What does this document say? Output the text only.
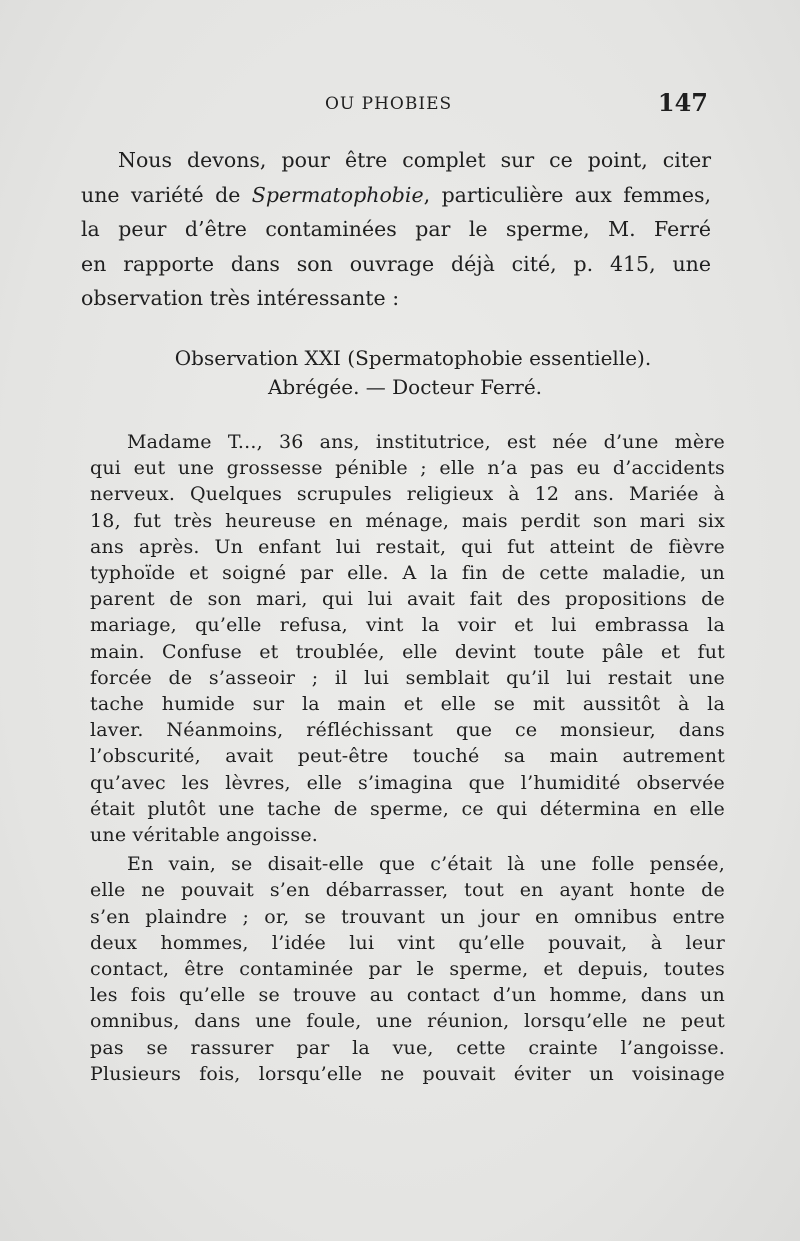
OU PHOBIES	147
Nous devons, pour être complet sur ce point, citer
une variété de Spermatophobie, particulière aux femmes,
la peur d’être contaminées par le sperme, M. Ferré
en rapporte dans son ouvrage déjà cité, p. 415, une
observation très intéressante :
Observation XXI (Spermatophobie essentielle).
Abrégée. — Docteur Ferré.
Madame T..., 36 ans, institutrice, est née d’une mère
qui eut une grossesse pénible ; elle n’a pas eu d’accidents
nerveux. Quelques scrupules religieux à 12 ans. Mariée à
18, fut très heureuse en ménage, mais perdit son mari six
ans après. Un enfant lui restait, qui fut atteint de fièvre
typhoïde et soigné par elle. A la fin de cette maladie, un
parent de son mari, qui lui avait fait des propositions de
mariage, qu’elle refusa, vint la voir et lui embrassa la
main. Confuse et troublée, elle devint toute pâle et fut
forcée de s’asseoir ; il lui semblait qu’il lui restait une
tache humide sur la main et elle se mit aussitôt à la
laver. Néanmoins, réfléchissant que ce monsieur, dans
l’obscurité, avait peut-être touché sa main autrement
qu’avec les lèvres, elle s’imagina que l’humidité observée
était plutôt une tache de sperme, ce qui détermina en elle
une véritable angoisse.
En vain, se disait-elle que c’était là une folle pensée,
elle ne pouvait s’en débarrasser, tout en ayant honte de
s’en plaindre ; or, se trouvant un jour en omnibus entre
deux hommes, l’idée lui vint qu’elle pouvait, à leur
contact, être contaminée par le sperme, et depuis, toutes
les fois qu’elle se trouve au contact d’un homme, dans un
omnibus, dans une foule, une réunion, lorsqu’elle ne peut
pas se rassurer par la vue, cette crainte l’angoisse.
Plusieurs fois, lorsqu’elle ne pouvait éviter un voisinage
